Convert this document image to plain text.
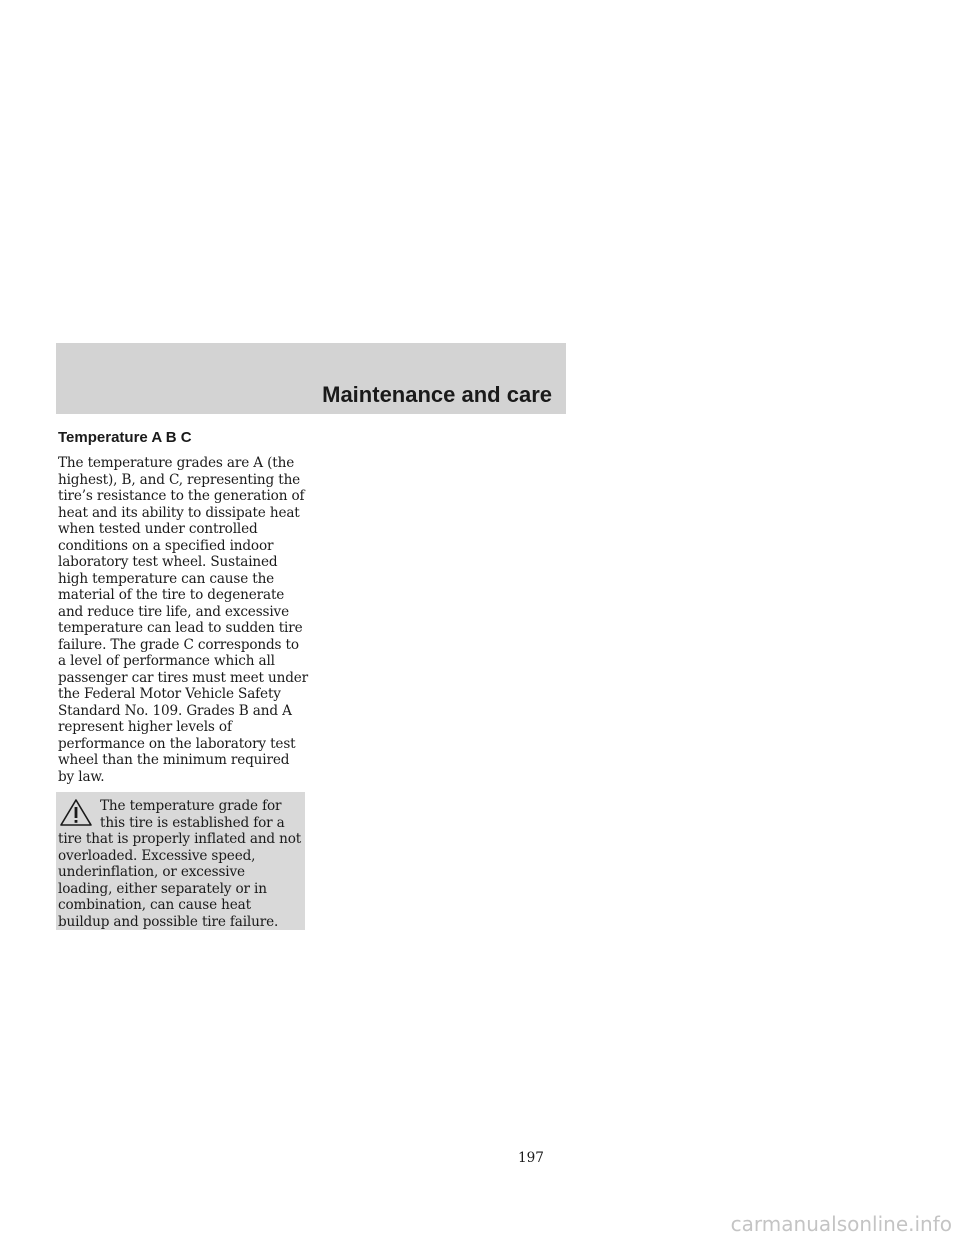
Maintenance and care
Temperature A B C

The temperature grades are A (the highest), B, and C, representing the tire’s resistance to the generation of heat and its ability to dissipate heat when tested under controlled conditions on a specified indoor laboratory test wheel. Sustained high temperature can cause the material of the tire to degenerate and reduce tire life, and excessive temperature can lead to sudden tire failure. The grade C corresponds to a level of performance which all passenger car tires must meet under the Federal Motor Vehicle Safety Standard No. 109. Grades B and A represent higher levels of performance on the laboratory test wheel than the minimum required by law.

The temperature grade for this tire is established for a tire that is properly inflated and not overloaded. Excessive speed, underinflation, or excessive loading, either separately or in combination, can cause heat buildup and possible tire failure.

197

carmanualsonline.info
